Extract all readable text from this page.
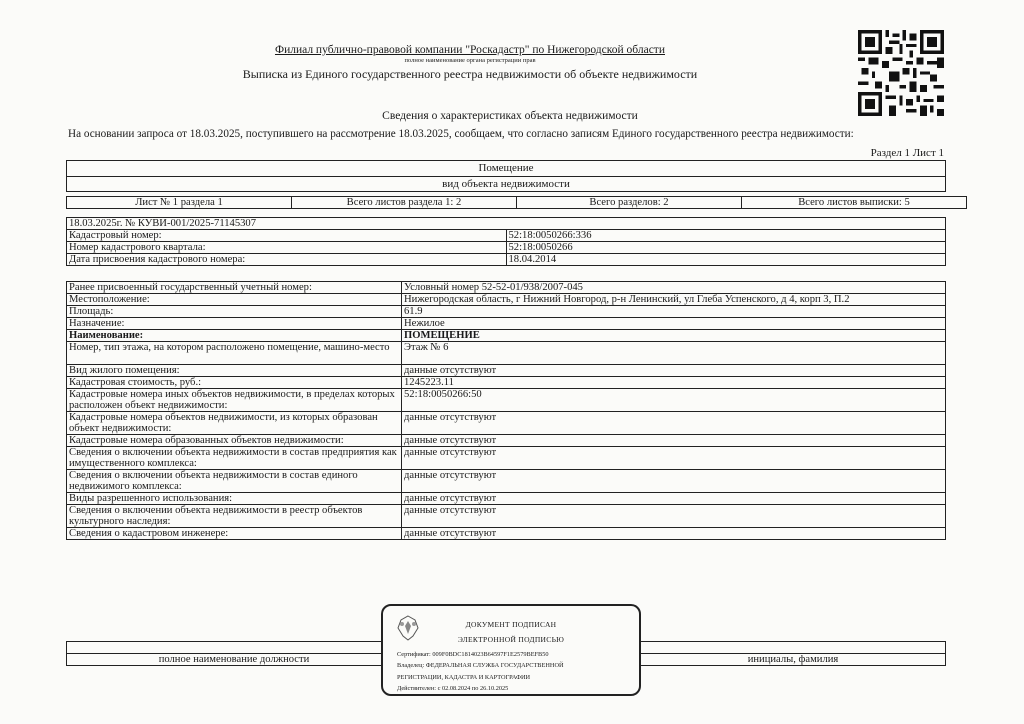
Филиал публично-правовой компании "Роскадастр" по Нижегородской области
полное наименование органа регистрации прав
Выписка из Единого государственного реестра недвижимости об объекте недвижимости
Сведения о характеристиках объекта недвижимости
На основании запроса от 18.03.2025, поступившего на рассмотрение 18.03.2025, сообщаем, что согласно записям Единого государственного реестра недвижимости:
Раздел 1 Лист 1
Помещение
вид объекта недвижимости
Лист № 1 раздела 1	Всего листов раздела 1: 2	Всего разделов: 2	Всего листов выписки: 5
18.03.2025г. № КУВИ-001/2025-71145307	
Кадастровый номер:	52:18:0050266:336
Номер кадастрового квартала:	52:18:0050266
Дата присвоения кадастрового номера:	18.04.2014
Ранее присвоенный государственный учетный номер:	Условный номер 52-52-01/938/2007-045
Местоположение:	Нижегородская область, г Нижний Новгород, р-н Ленинский, ул Глеба Успенского, д 4, корп 3, П.2
Площадь:	61.9
Назначение:	Нежилое
Наименование:	ПОМЕЩЕНИЕ
Номер, тип этажа, на котором расположено помещение, машино-место	Этаж № 6
Вид жилого помещения:	данные отсутствуют
Кадастровая стоимость, руб.:	1245223.11
Кадастровые номера иных объектов недвижимости, в пределах которых расположен объект недвижимости:	52:18:0050266:50
Кадастровые номера объектов недвижимости, из которых образован объект недвижимости:	данные отсутствуют
Кадастровые номера образованных объектов недвижимости:	данные отсутствуют
Сведения о включении объекта недвижимости в состав предприятия как имущественного комплекса:	данные отсутствуют
Сведения о включении объекта недвижимости в состав единого недвижимого комплекса:	данные отсутствуют
Виды разрешенного использования:	данные отсутствуют
Сведения о включении объекта недвижимости в реестр объектов культурного наследия:	данные отсутствуют
Сведения о кадастровом инженере:	данные отсутствуют

полное наименование должности		инициалы, фамилия
ДОКУМЕНТ ПОДПИСАН
ЭЛЕКТРОННОЙ ПОДПИСЬЮ
Сертификат: 009F0BDC1814023B64597F1E2579BEFB50
Владелец: ФЕДЕРАЛЬНАЯ СЛУЖБА ГОСУДАРСТВЕННОЙ
РЕГИСТРАЦИИ, КАДАСТРА И КАРТОГРАФИИ
Действителен: с 02.08.2024 по 26.10.2025
